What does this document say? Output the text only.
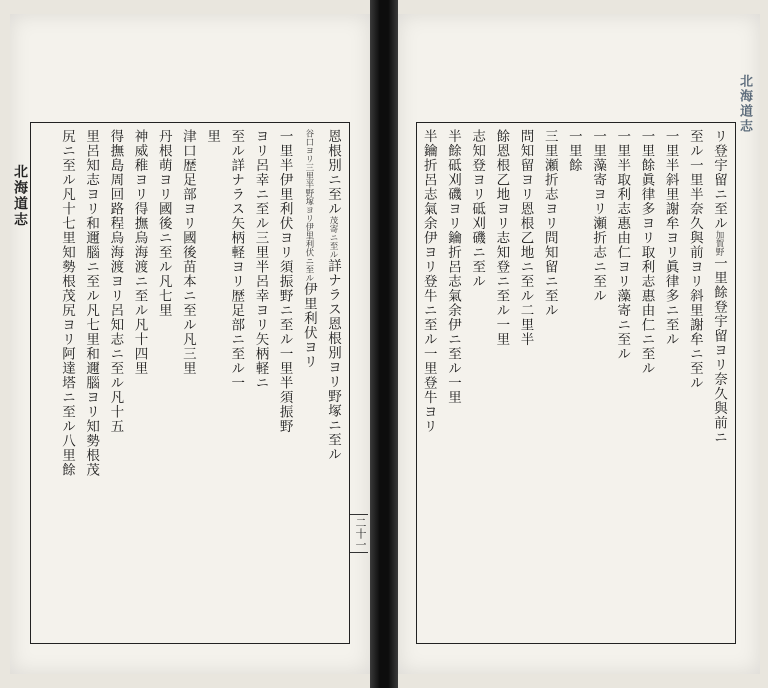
北海道志
二十一
恩根別ニ至ル茂寄ニ至ル詳ナラス恩根別ヨリ野塚ニ至ル
谷口ヨリ三里半野塚ヨリ伊里利伏ニ至ル伊里利伏ヨリ
一里半伊里利伏ヨリ須振野ニ至ル一里半須振野
ヨリ呂幸ニ至ル三里半呂幸ヨリ矢柄軽ニ
至ル詳ナラス矢柄軽ヨリ歴足部ニ至ル一
里
津口歴足部ヨリ國後苗本ニ至ル凡三里
丹根萌ヨリ國後ニ至ル凡七里
神威稚ヨリ得撫烏海渡ニ至ル凡十四里
得撫島周回路程烏海渡ヨリ呂知志ニ至ル凡十五
里呂知志ヨリ和邇腦ニ至ル凡七里和邇腦ヨリ知勢根茂
尻ニ至ル凡十七里知勢根茂尻ヨリ阿達塔ニ至ル八里餘
北海道志
リ登宇留ニ至ル加賀野一里餘登宇留ヨリ奈久與前ニ
至ル一里半奈久與前ヨリ斜里謝牟ニ至ル
一里半斜里謝牟ヨリ眞律多ニ至ル
一里餘眞律多ヨリ取利志惠由仁ニ至ル
一里半取利志惠由仁ヨリ藻寄ニ至ル
一里藻寄ヨリ瀬折志ニ至ル
一里餘
三里瀬折志ヨリ問知留ニ至ル
問知留ヨリ恩根乙地ニ至ル二里半
餘恩根乙地ヨリ志知登ニ至ル一里
志知登ヨリ砥刈磯ニ至ル
半餘砥刈磯ヨリ鑰折呂志氣余伊ニ至ル一里
半鑰折呂志氣余伊ヨリ登牛ニ至ル一里登牛ヨリ
